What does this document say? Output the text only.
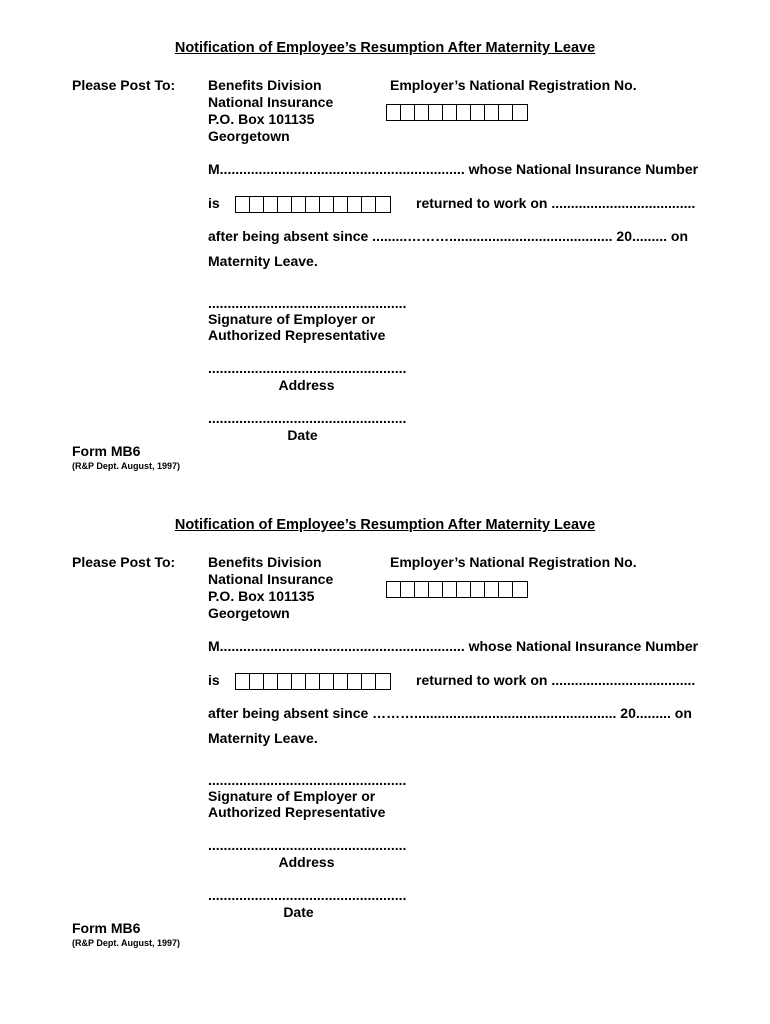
Notification of Employee’s Resumption After Maternity Leave
Please Post To: Benefits Division
National Insurance
P.O. Box 101135
Georgetown
Employer’s National Registration No.
M............................................................... whose National Insurance Number
is	returned to work on .....................................
after being absent since .........……….......................................... 20......... on
Maternity Leave.
...................................................
Signature of Employer or
Authorized Representative
...................................................
Address
...................................................
Date
Form MB6
(R&P Dept. August, 1997)
Notification of Employee’s Resumption After Maternity Leave
Please Post To: Benefits Division
National Insurance
P.O. Box 101135
Georgetown
Employer’s National Registration No.
M............................................................... whose National Insurance Number
is	returned to work on .....................................
after being absent since ……….................................................... 20......... on
Maternity Leave.
...................................................
Signature of Employer or
Authorized Representative
...................................................
Address
...................................................
Date
Form MB6
(R&P Dept. August, 1997)
